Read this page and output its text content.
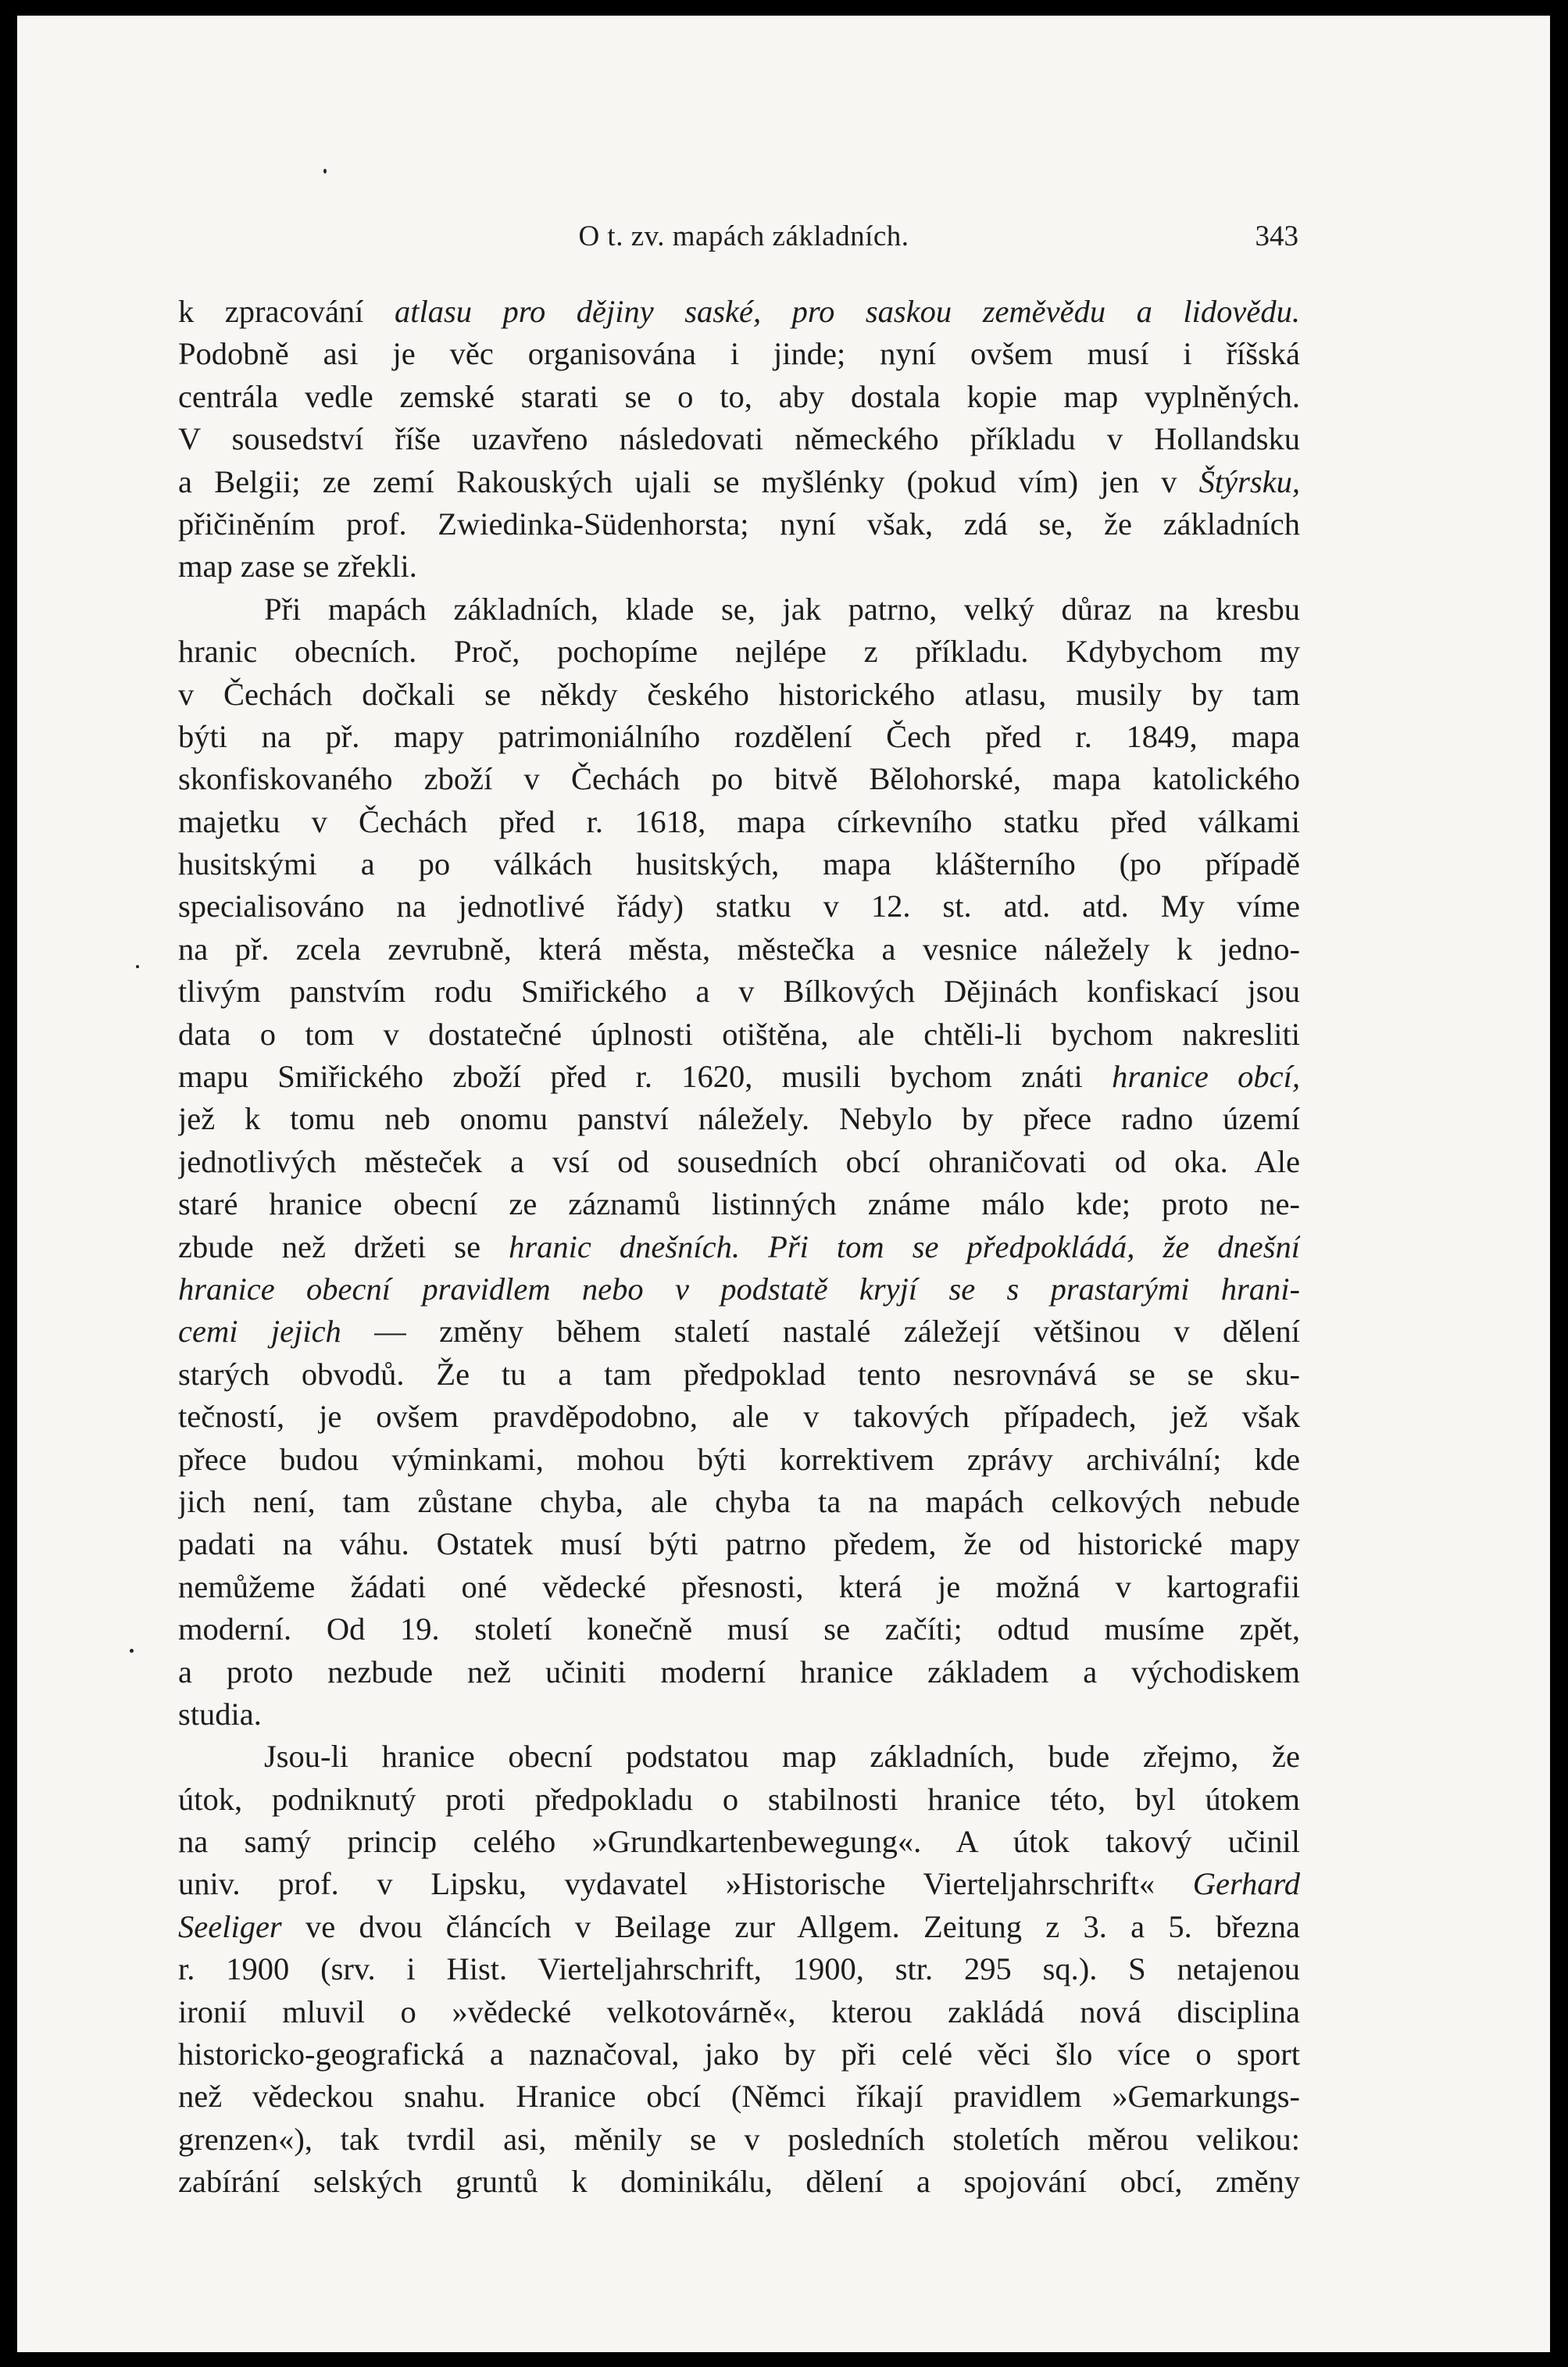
O t. zv. mapách základních.	343
k zpracování atlasu pro dějiny saské, pro saskou zeměvědu a lidovědu.
Podobně asi je věc organisována i jinde; nyní ovšem musí i říšská
centrála vedle zemské starati se o to, aby dostala kopie map vyplněných.
V sousedství říše uzavřeno následovati německého příkladu v Hollandsku
a Belgii; ze zemí Rakouských ujali se myšlénky (pokud vím) jen v Štýrsku,
přičiněním prof. Zwiedinka-Südenhorsta; nyní však, zdá se, že základních
map zase se zřekli.
Při mapách základních, klade se, jak patrno, velký důraz na kresbu
hranic obecních. Proč, pochopíme nejlépe z příkladu. Kdybychom my
v Čechách dočkali se někdy českého historického atlasu, musily by tam
býti na př. mapy patrimoniálního rozdělení Čech před r. 1849, mapa
skonfiskovaného zboží v Čechách po bitvě Bělohorské, mapa katolického
majetku v Čechách před r. 1618, mapa církevního statku před válkami
husitskými a po válkách husitských, mapa klášterního (po případě
specialisováno na jednotlivé řády) statku v 12. st. atd. atd. My víme
na př. zcela zevrubně, která města, městečka a vesnice náležely k jedno-
tlivým panstvím rodu Smiřického a v Bílkových Dějinách konfiskací jsou
data o tom v dostatečné úplnosti otištěna, ale chtěli-li bychom nakresliti
mapu Smiřického zboží před r. 1620, musili bychom znáti hranice obcí,
jež k tomu neb onomu panství náležely. Nebylo by přece radno území
jednotlivých městeček a vsí od sousedních obcí ohraničovati od oka. Ale
staré hranice obecní ze záznamů listinných známe málo kde; proto ne-
zbude než držeti se hranic dnešních. Při tom se předpokládá, že dnešní
hranice obecní pravidlem nebo v podstatě kryjí se s prastarými hrani-
cemi jejich — změny během staletí nastalé záležejí většinou v dělení
starých obvodů. Že tu a tam předpoklad tento nesrovnává se se sku-
tečností, je ovšem pravděpodobno, ale v takových případech, jež však
přece budou výminkami, mohou býti korrektivem zprávy archivální; kde
jich není, tam zůstane chyba, ale chyba ta na mapách celkových nebude
padati na váhu. Ostatek musí býti patrno předem, že od historické mapy
nemůžeme žádati oné vědecké přesnosti, která je možná v kartografii
moderní. Od 19. století konečně musí se začíti; odtud musíme zpět,
a proto nezbude než učiniti moderní hranice základem a východiskem
studia.
Jsou-li hranice obecní podstatou map základních, bude zřejmo, že
útok, podniknutý proti předpokladu o stabilnosti hranice této, byl útokem
na samý princip celého »Grundkartenbewegung«. A útok takový učinil
univ. prof. v Lipsku, vydavatel »Historische Vierteljahrschrift« Gerhard
Seeliger ve dvou článcích v Beilage zur Allgem. Zeitung z 3. a 5. března
r. 1900 (srv. i Hist. Vierteljahrschrift, 1900, str. 295 sq.). S netajenou
ironií mluvil o »vědecké velkotovárně«, kterou zakládá nová disciplina
historicko-geografická a naznačoval, jako by při celé věci šlo více o sport
než vědeckou snahu. Hranice obcí (Němci říkají pravidlem »Gemarkungs-
grenzen«), tak tvrdil asi, měnily se v posledních stoletích měrou velikou:
zabírání selských gruntů k dominikálu, dělení a spojování obcí, změny
